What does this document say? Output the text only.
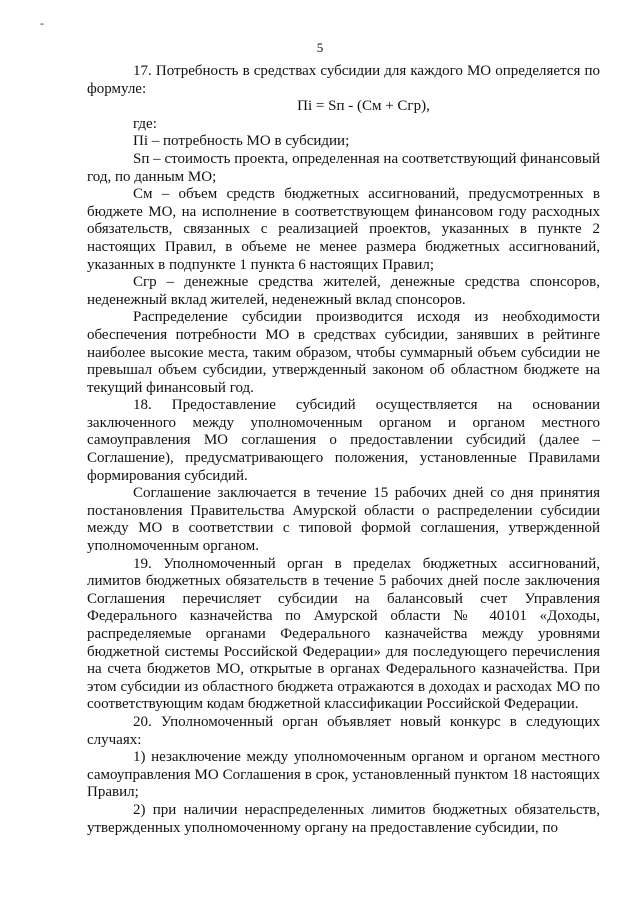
-
5

17. Потребность в средствах субсидии для каждого МО определяется по формуле:

Пi = Sп - (См + Сгр),

где:

Пi – потребность МО в субсидии;

Sп – стоимость проекта, определенная на соответствующий финансовый год, по данным МО;

См – объем средств бюджетных ассигнований, предусмотренных в бюджете МО, на исполнение в соответствующем финансовом году расходных обязательств, связанных с реализацией проектов, указанных в пункте 2 настоящих Правил, в объеме не менее размера бюджетных ассигнований, указанных в подпункте 1 пункта 6 настоящих Правил;

Сгр – денежные средства жителей, денежные средства спонсоров, неденежный вклад жителей, неденежный вклад спонсоров.

Распределение субсидии производится исходя из необходимости обеспечения потребности МО в средствах субсидии, занявших в рейтинге наиболее высокие места, таким образом, чтобы суммарный объем субсидии не превышал объем субсидии, утвержденный законом об областном бюджете на текущий финансовый год.

18. Предоставление субсидий осуществляется на основании заключенного между уполномоченным органом и органом местного самоуправления МО соглашения о предоставлении субсидий (далее – Соглашение), предусматривающего положения, установленные Правилами формирования субсидий.

Соглашение заключается в течение 15 рабочих дней со дня принятия постановления Правительства Амурской области о распределении субсидии между МО в соответствии с типовой формой соглашения, утвержденной уполномоченным органом.

19. Уполномоченный орган в пределах бюджетных ассигнований, лимитов бюджетных обязательств в течение 5 рабочих дней после заключения Соглашения перечисляет субсидии на балансовый счет Управления Федерального казначейства по Амурской области № 40101 «Доходы, распределяемые органами Федерального казначейства между уровнями бюджетной системы Российской Федерации» для последующего перечисления на счета бюджетов МО, открытые в органах Федерального казначейства. При этом субсидии из областного бюджета отражаются в доходах и расходах МО по соответствующим кодам бюджетной классификации Российской Федерации.

20. Уполномоченный орган объявляет новый конкурс в следующих случаях:

1) незаключение между уполномоченным органом и органом местного самоуправления МО Соглашения в срок, установленный пунктом 18 настоящих Правил;

2) при наличии нераспределенных лимитов бюджетных обязательств, утвержденных уполномоченному органу на предоставление субсидии, по
